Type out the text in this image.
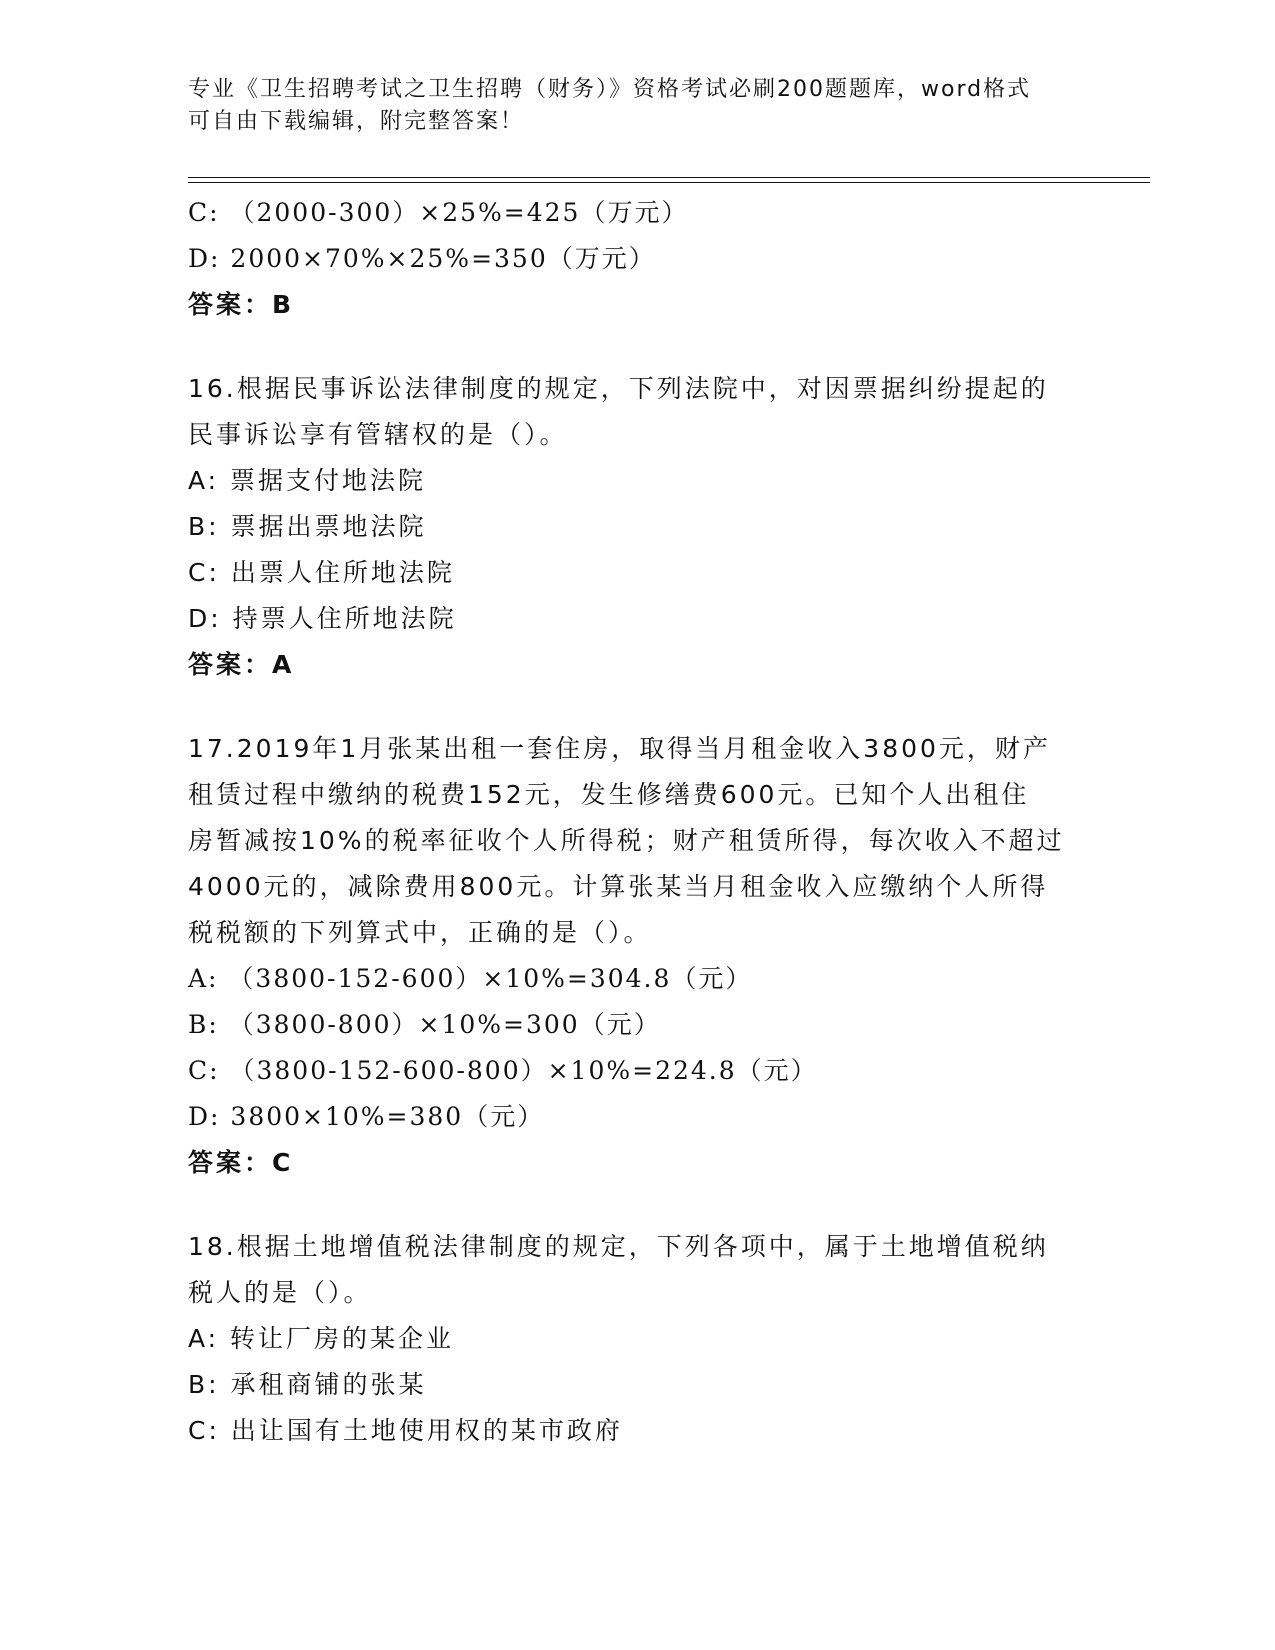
专业《卫生招聘考试之卫生招聘（财务）》资格考试必刷200题题库，word格式
可自由下载编辑，附完整答案！
C: （2000-300）×25%=425（万元）
D: 2000×70%×25%=350（万元）
答案：B
16.根据民事诉讼法律制度的规定，下列法院中，对因票据纠纷提起的
民事诉讼享有管辖权的是（）。
A: 票据支付地法院
B: 票据出票地法院
C: 出票人住所地法院
D: 持票人住所地法院
答案：A
17.2019年1月张某出租一套住房，取得当月租金收入3800元，财产
租赁过程中缴纳的税费152元，发生修缮费600元。已知个人出租住
房暂减按10%的税率征收个人所得税；财产租赁所得，每次收入不超过
4000元的，减除费用800元。计算张某当月租金收入应缴纳个人所得
税税额的下列算式中，正确的是（）。
A: （3800-152-600）×10%=304.8（元）
B: （3800-800）×10%=300（元）
C: （3800-152-600-800）×10%=224.8（元）
D: 3800×10%=380（元）
答案：C
18.根据土地增值税法律制度的规定，下列各项中，属于土地增值税纳
税人的是（）。
A: 转让厂房的某企业
B: 承租商铺的张某
C: 出让国有土地使用权的某市政府
